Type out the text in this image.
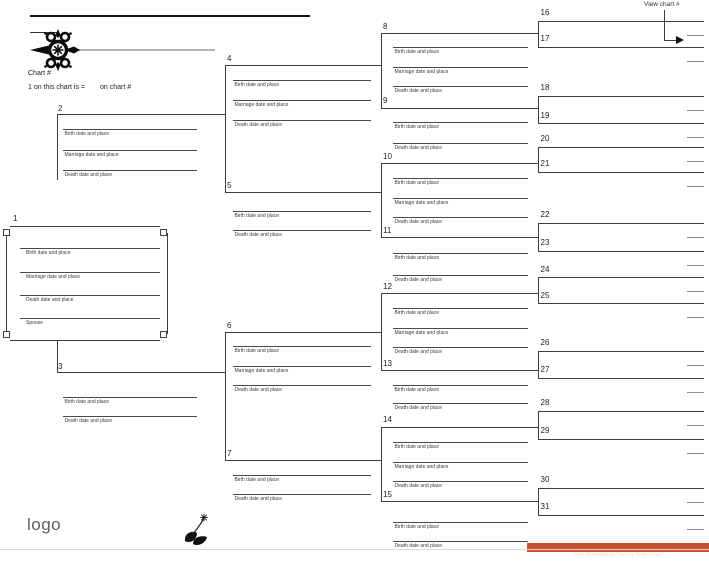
Chart #
1 on this chart is = on chart #
View chart #
2
Birth date and place
Marriage date and place
Death date and place
3
Birth date and place
Death date and place
4
Birth date and place
Marriage date and place
Death date and place
5
Birth date and place
Death date and place
6
Birth date and place
Marriage date and place
Death date and place
7
Birth date and place
Death date and place
8
Birth date and place
Marriage date and place
Death date and place
9
Birth date and place
Death date and place
10
Birth date and place
Marriage date and place
Death date and place
11
Birth date and place
Death date and place
12
Birth date and place
Marriage date and place
Death date and place
13
Birth date and place
Death date and place
14
Birth date and place
Marriage date and place
Death date and place
15
Birth date and place
Death date and place
16
17
18
19
20
21
22
23
24
25
26
27
28
29
30
31
1
Birth date and place
Marriage date and place
Death date and place
Spouse
logo
Five Generation Family Tree Chart
